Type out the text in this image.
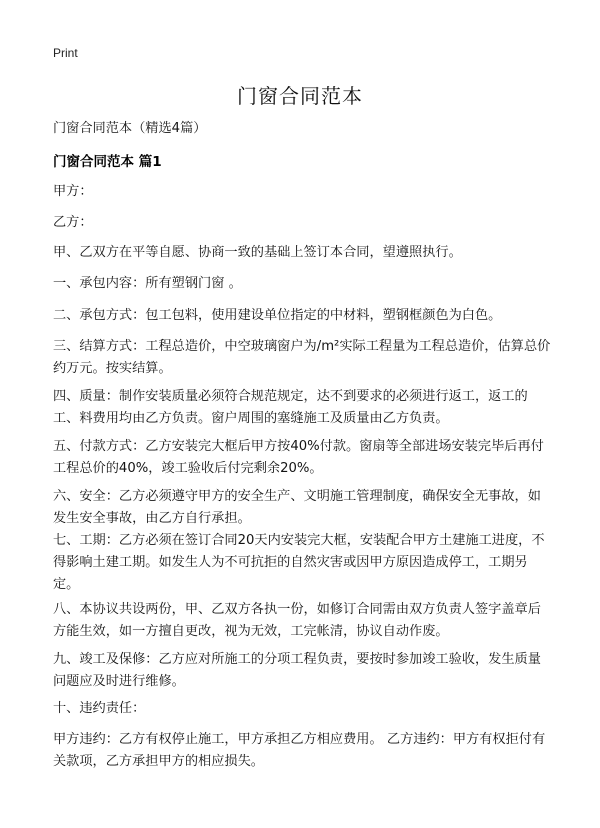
Print
门窗合同范本
门窗合同范本（精选4篇）
门窗合同范本 篇1
甲方：
乙方：
甲、乙双方在平等自愿、协商一致的基础上签订本合同，望遵照执行。
一、承包内容：所有塑钢门窗 。
二、承包方式：包工包料，使用建设单位指定的中材料，塑钢框颜色为白色。
三、结算方式：工程总造价，中空玻璃窗户为/m²实际工程量为工程总造价，估算总价约万元。按实结算。
四、质量：制作安装质量必须符合规范规定，达不到要求的必须进行返工，返工的工、料费用均由乙方负责。窗户周围的塞缝施工及质量由乙方负责。
五、付款方式：乙方安装完大框后甲方按40%付款。窗扇等全部进场安装完毕后再付工程总价的40%，竣工验收后付完剩余20%。
六、安全：乙方必须遵守甲方的安全生产、文明施工管理制度，确保安全无事故，如发生安全事故，由乙方自行承担。
七、工期：乙方必须在签订合同20天内安装完大框，安装配合甲方土建施工进度，不得影响土建工期。如发生人为不可抗拒的自然灾害或因甲方原因造成停工，工期另定。
八、本协议共设两份，甲、乙双方各执一份，如修订合同需由双方负责人签字盖章后方能生效，如一方擅自更改，视为无效，工完帐清，协议自动作废。
九、竣工及保修：乙方应对所施工的分项工程负责，要按时参加竣工验收，发生质量问题应及时进行维修。
十、违约责任：
甲方违约：乙方有权停止施工，甲方承担乙方相应费用。 乙方违约：甲方有权拒付有关款项，乙方承担甲方的相应损失。
